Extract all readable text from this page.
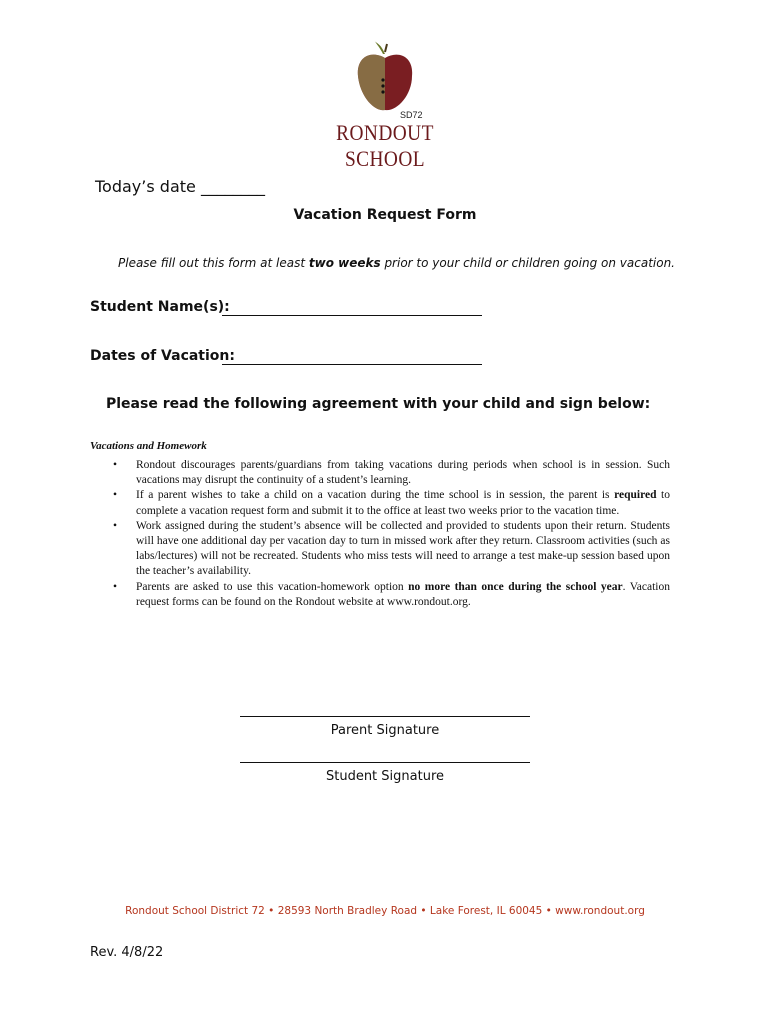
SD72
RONDOUT SCHOOL
Today’s date ________
Vacation Request Form
Please fill out this form at least two weeks prior to your child or children going on vacation.
Student Name(s):
Dates of Vacation:
Please read the following agreement with your child and sign below:
Vacations and Homework
• Rondout discourages parents/guardians from taking vacations during periods when school is in session. Such vacations may disrupt the continuity of a student’s learning.
• If a parent wishes to take a child on a vacation during the time school is in session, the parent is required to complete a vacation request form and submit it to the office at least two weeks prior to the vacation time.
• Work assigned during the student’s absence will be collected and provided to students upon their return. Students will have one additional day per vacation day to turn in missed work after they return. Classroom activities (such as labs/lectures) will not be recreated. Students who miss tests will need to arrange a test make-up session based upon the teacher’s availability.
• Parents are asked to use this vacation-homework option no more than once during the school year. Vacation request forms can be found on the Rondout website at www.rondout.org.
Parent Signature
Student Signature
Rondout School District 72 • 28593 North Bradley Road • Lake Forest, IL 60045 • www.rondout.org
Rev. 4/8/22
